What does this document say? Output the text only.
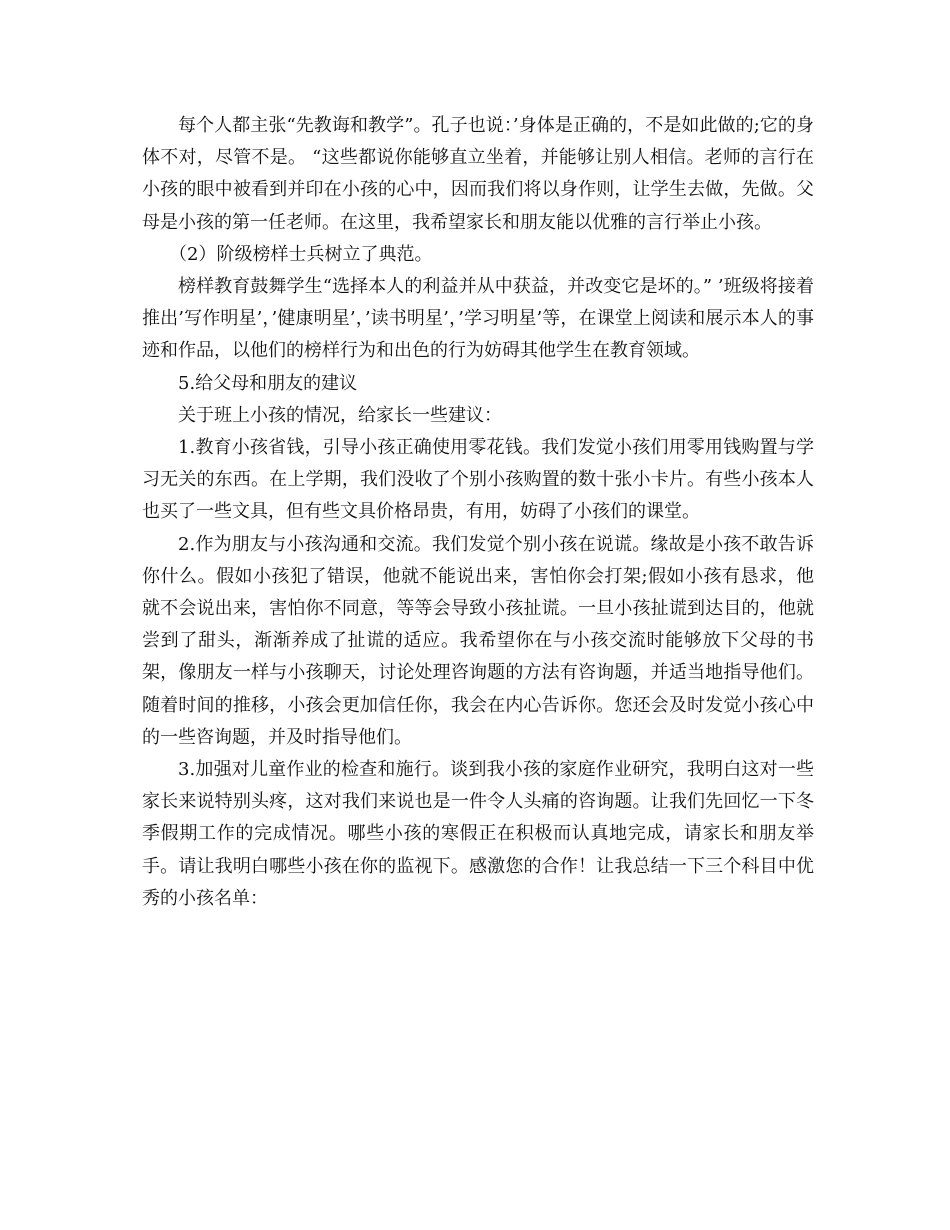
每个人都主张“先教诲和教学”。孔子也说：’身体是正确的，不是如此做的;它的身体不对，尽管不是。 “这些都说你能够直立坐着，并能够让别人相信。老师的言行在小孩的眼中被看到并印在小孩的心中，因而我们将以身作则，让学生去做，先做。父母是小孩的第一任老师。在这里，我希望家长和朋友能以优雅的言行举止小孩。

（2）阶级榜样士兵树立了典范。

榜样教育鼓舞学生“选择本人的利益并从中获益，并改变它是坏的。” ’班级将接着推出’写作明星’，’健康明星’，’读书明星’，’学习明星’等，在课堂上阅读和展示本人的事迹和作品，以他们的榜样行为和出色的行为妨碍其他学生在教育领域。

5.给父母和朋友的建议

关于班上小孩的情况，给家长一些建议：

1.教育小孩省钱，引导小孩正确使用零花钱。我们发觉小孩们用零用钱购置与学习无关的东西。在上学期，我们没收了个别小孩购置的数十张小卡片。有些小孩本人也买了一些文具，但有些文具价格昂贵，有用，妨碍了小孩们的课堂。

2.作为朋友与小孩沟通和交流。我们发觉个别小孩在说谎。缘故是小孩不敢告诉你什么。假如小孩犯了错误，他就不能说出来，害怕你会打架;假如小孩有恳求，他就不会说出来，害怕你不同意，等等会导致小孩扯谎。一旦小孩扯谎到达目的，他就尝到了甜头，渐渐养成了扯谎的适应。我希望你在与小孩交流时能够放下父母的书架，像朋友一样与小孩聊天，讨论处理咨询题的方法有咨询题，并适当地指导他们。随着时间的推移，小孩会更加信任你，我会在内心告诉你。您还会及时发觉小孩心中的一些咨询题，并及时指导他们。

3.加强对儿童作业的检查和施行。谈到我小孩的家庭作业研究，我明白这对一些家长来说特别头疼，这对我们来说也是一件令人头痛的咨询题。让我们先回忆一下冬季假期工作的完成情况。哪些小孩的寒假正在积极而认真地完成，请家长和朋友举手。请让我明白哪些小孩在你的监视下。感激您的合作！让我总结一下三个科目中优秀的小孩名单：
